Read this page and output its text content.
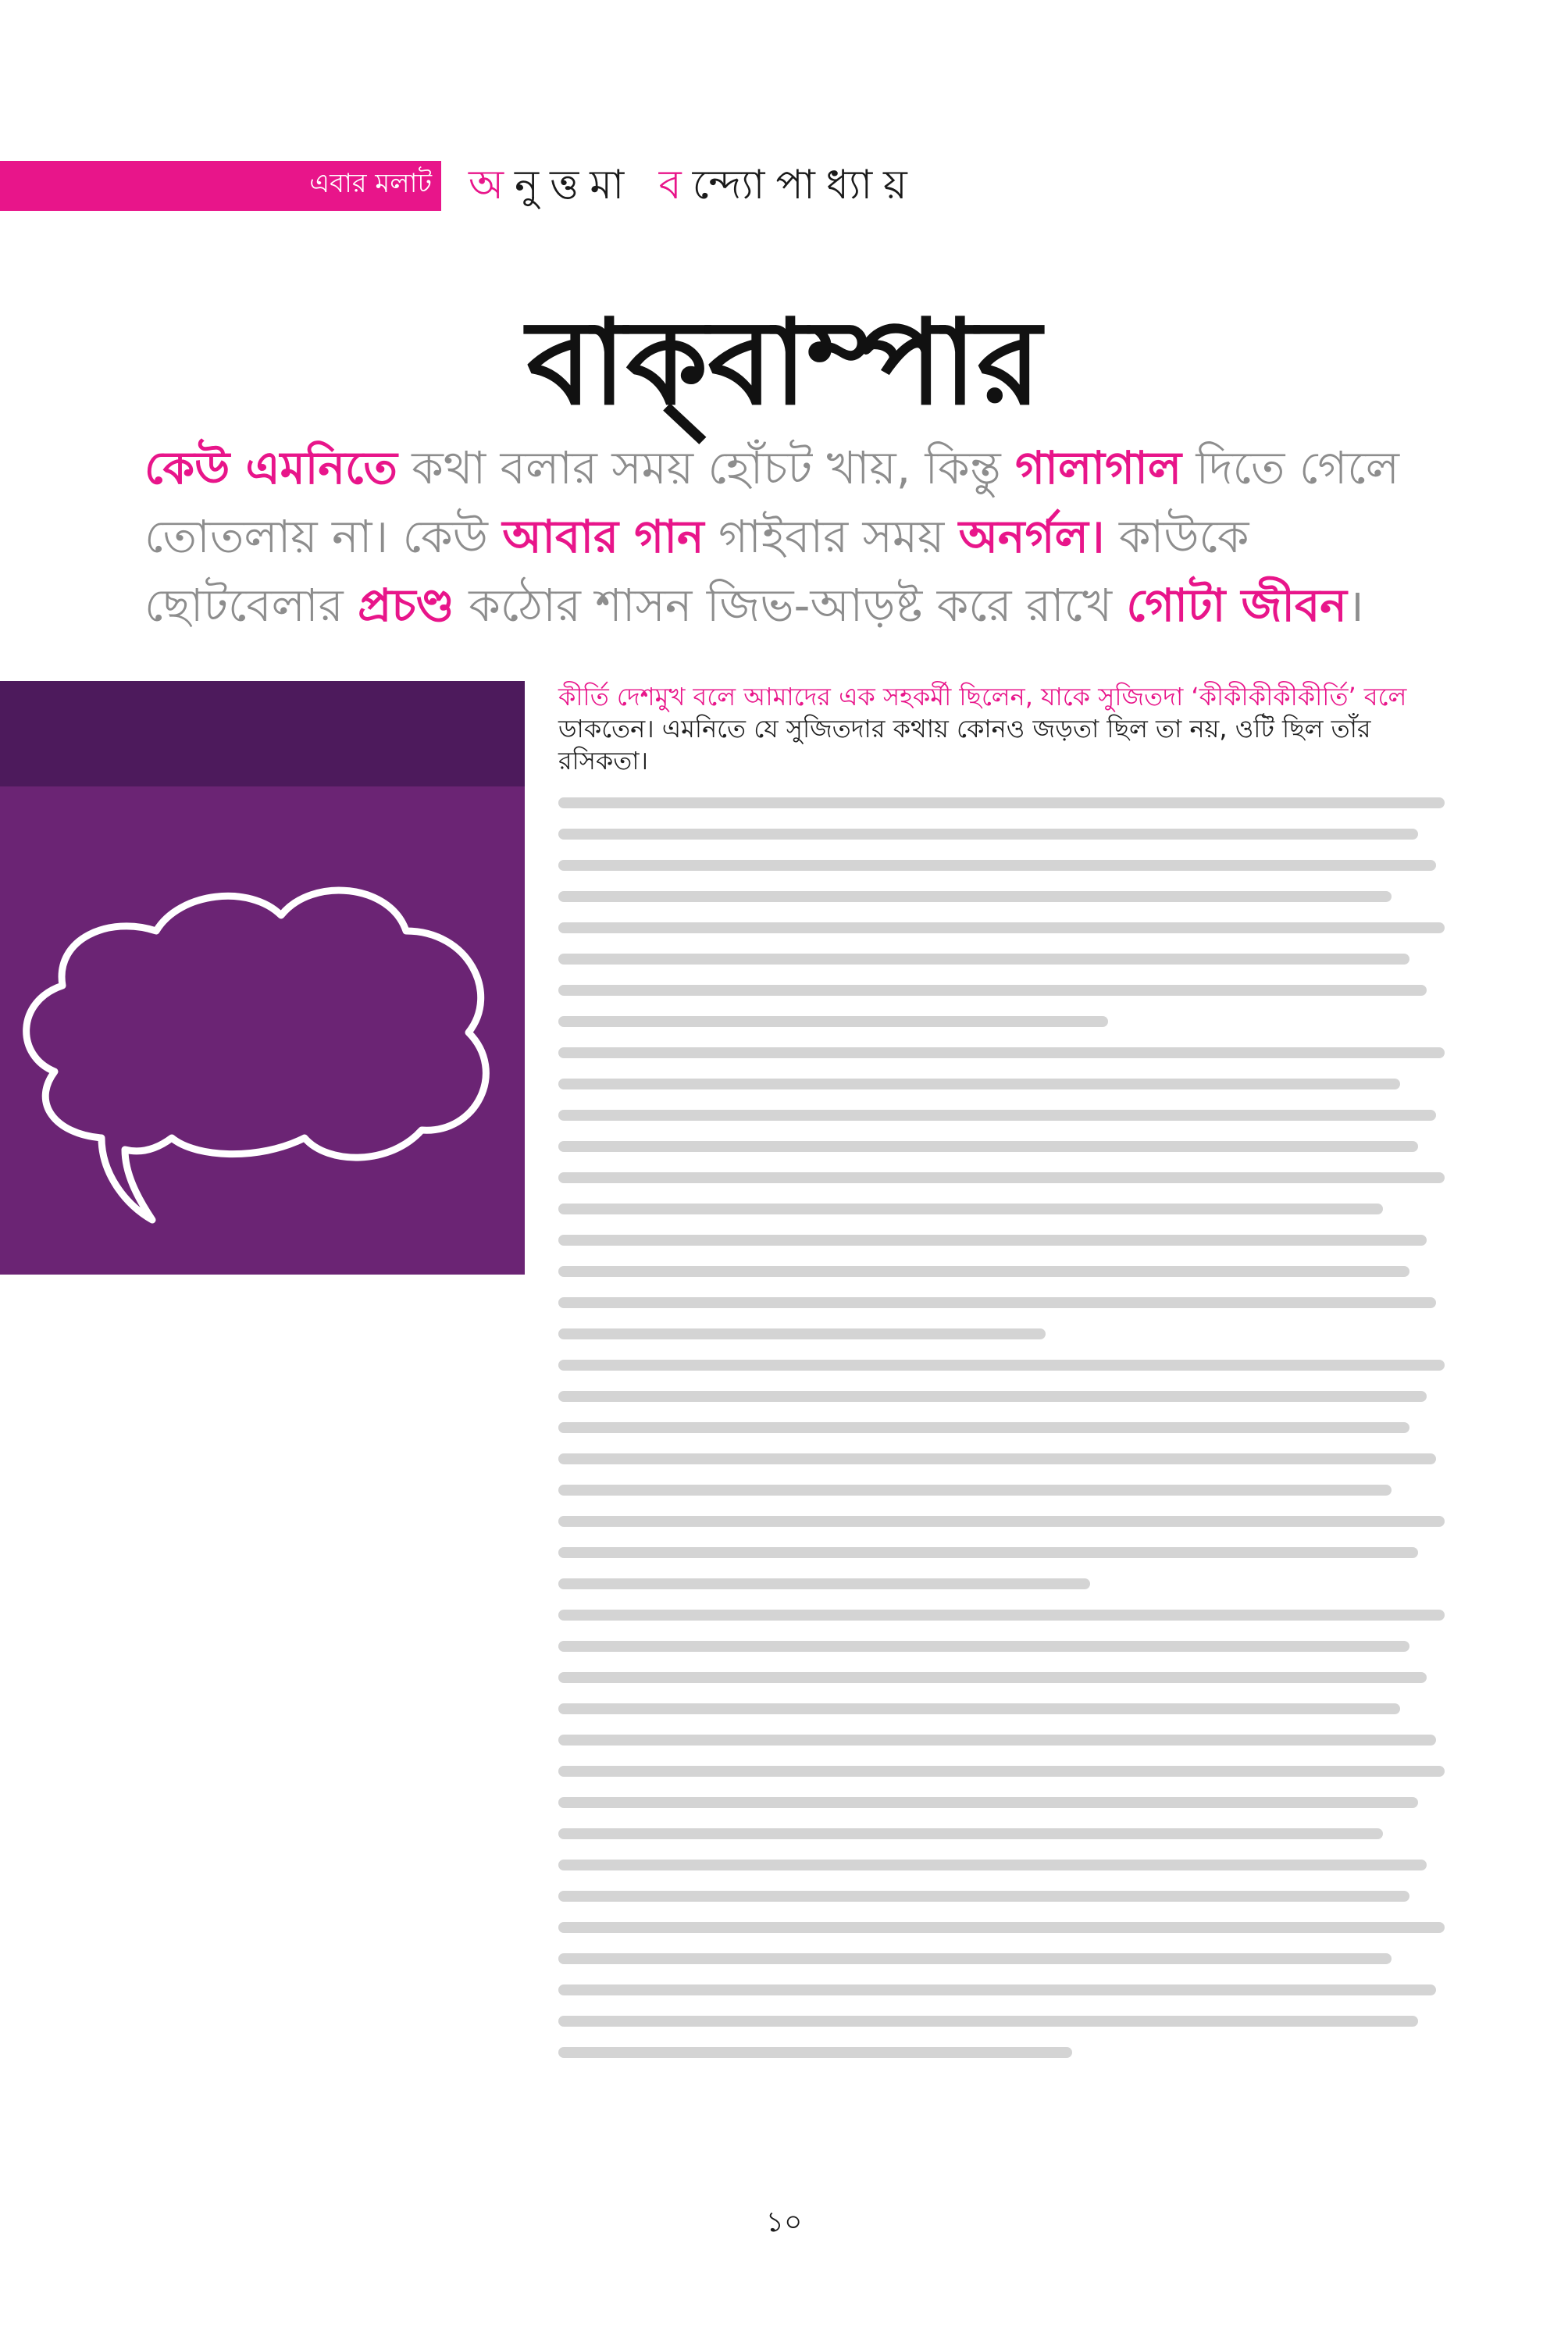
এবার মলাট অনুত্তমা বন্দ্যোপাধ্যায়
বাক্‌বাম্পার
কেউ এমনিতে কথা বলার সময় হোঁচট খায়, কিন্তু গালাগাল দিতে গেলে তোতলায় না। কেউ আবার গান গাইবার সময় অনর্গল। কাউকে ছোটবেলার প্রচণ্ড কঠোর শাসন জিভ-আড়ষ্ট করে রাখে গোটা জীবন।

কীর্তি দেশমুখ বলে আমাদের এক সহকর্মী ছিলেন, যাকে সুজিতদা ‘কীকীকীকীকীর্তি’ বলে ডাকতেন। এমনিতে যে সুজিতদার কথায় কোনও জড়তা ছিল তা নয়, ওটি ছিল তাঁর রসিকতা।

১০
